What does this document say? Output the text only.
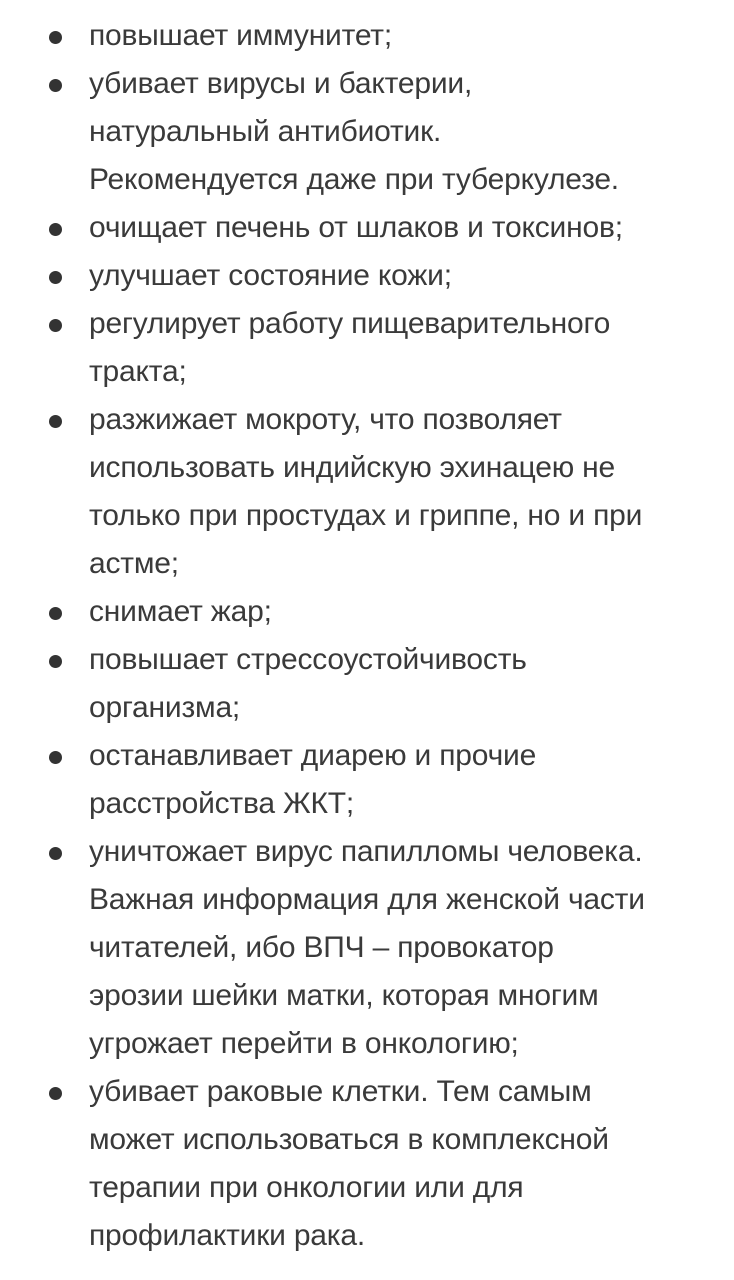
повышает иммунитет;
убивает вирусы и бактерии,
натуральный антибиотик.
Рекомендуется даже при туберкулезе.
очищает печень от шлаков и токсинов;
улучшает состояние кожи;
регулирует работу пищеварительного
тракта;
разжижает мокроту, что позволяет
использовать индийскую эхинацею не
только при простудах и гриппе, но и при
астме;
снимает жар;
повышает стрессоустойчивость
организма;
останавливает диарею и прочие
расстройства ЖКТ;
уничтожает вирус папилломы человека.
Важная информация для женской части
читателей, ибо ВПЧ – провокатор
эрозии шейки матки, которая многим
угрожает перейти в онкологию;
убивает раковые клетки. Тем самым
может использоваться в комплексной
терапии при онкологии или для
профилактики рака.
